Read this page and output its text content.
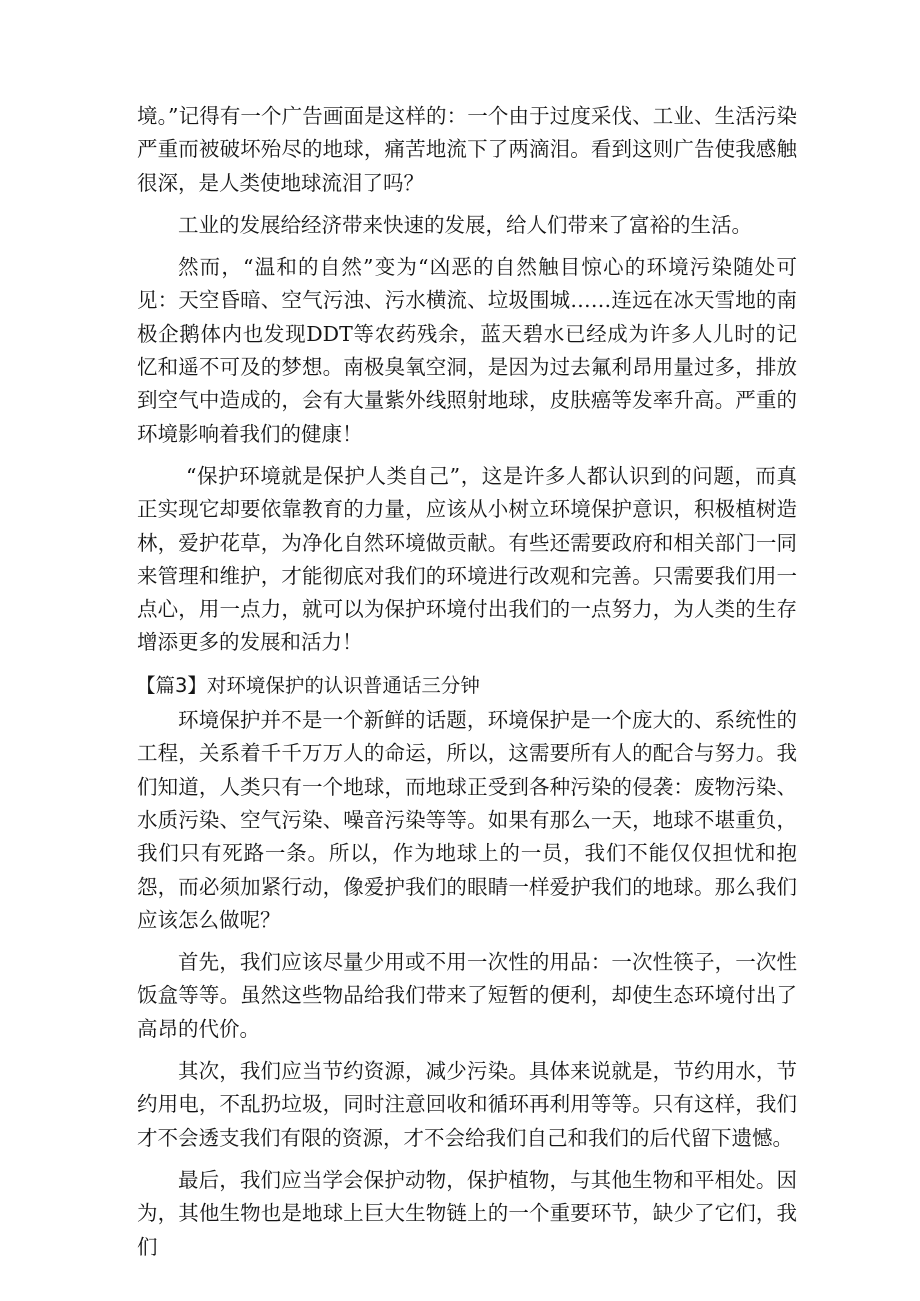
境。”记得有一个广告画面是这样的：一个由于过度采伐、工业、生活污染严重而被破坏殆尽的地球，痛苦地流下了两滴泪。看到这则广告使我感触很深，是人类使地球流泪了吗？

工业的发展给经济带来快速的发展，给人们带来了富裕的生活。

然而，“温和的自然”变为“凶恶的自然触目惊心的环境污染随处可见：天空昏暗、空气污浊、污水横流、垃圾围城……连远在冰天雪地的南极企鹅体内也发现DDT等农药残余，蓝天碧水已经成为许多人儿时的记忆和遥不可及的梦想。南极臭氧空洞，是因为过去氟利昂用量过多，排放到空气中造成的，会有大量紫外线照射地球，皮肤癌等发率升高。严重的环境影响着我们的健康！

“保护环境就是保护人类自己”，这是许多人都认识到的问题，而真正实现它却要依靠教育的力量，应该从小树立环境保护意识，积极植树造林，爱护花草，为净化自然环境做贡献。有些还需要政府和相关部门一同来管理和维护，才能彻底对我们的环境进行改观和完善。只需要我们用一点心，用一点力，就可以为保护环境付出我们的一点努力，为人类的生存增添更多的发展和活力！

【篇3】对环境保护的认识普通话三分钟

环境保护并不是一个新鲜的话题，环境保护是一个庞大的、系统性的工程，关系着千千万万人的命运，所以，这需要所有人的配合与努力。我们知道，人类只有一个地球，而地球正受到各种污染的侵袭：废物污染、水质污染、空气污染、噪音污染等等。如果有那么一天，地球不堪重负，我们只有死路一条。所以，作为地球上的一员，我们不能仅仅担忧和抱怨，而必须加紧行动，像爱护我们的眼睛一样爱护我们的地球。那么我们应该怎么做呢？

首先，我们应该尽量少用或不用一次性的用品：一次性筷子，一次性饭盒等等。虽然这些物品给我们带来了短暂的便利，却使生态环境付出了高昂的代价。

其次，我们应当节约资源，减少污染。具体来说就是，节约用水，节约用电，不乱扔垃圾，同时注意回收和循环再利用等等。只有这样，我们才不会透支我们有限的资源，才不会给我们自己和我们的后代留下遗憾。

最后，我们应当学会保护动物，保护植物，与其他生物和平相处。因为，其他生物也是地球上巨大生物链上的一个重要环节，缺少了它们，我们
